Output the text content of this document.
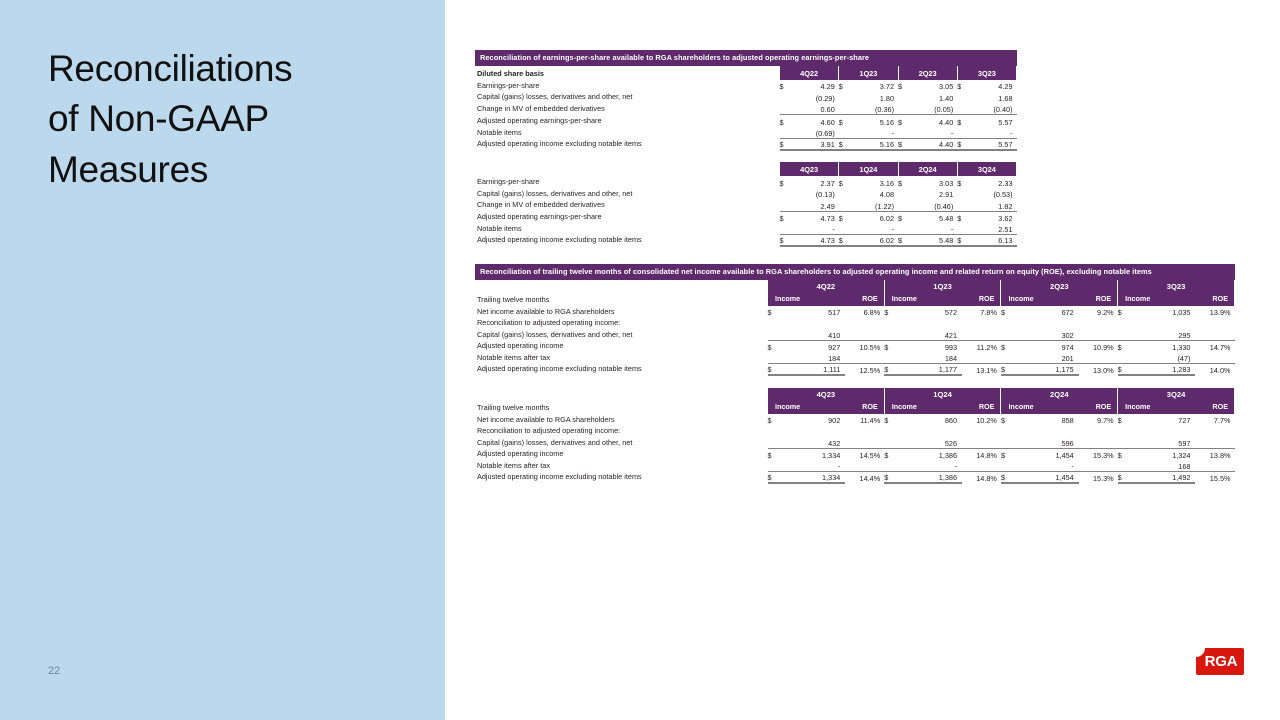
Reconciliations
of Non-GAAP
Measures
22
RGA
Reconciliation of earnings-per-share available to RGA shareholders to adjusted operating earnings-per-share
Diluted share basis	4Q22		1Q23		2Q23		3Q23	
Earnings-per-share	$	4.29	$	3.72	$	3.05	$	4.29
Capital (gains) losses, derivatives and other, net		(0.29)		1.80		1.40		1.68
Change in MV of embedded derivatives		0.60		(0.36)		(0.05)		(0.40)
Adjusted operating earnings-per-share	$	4.60	$	5.16	$	4.40	$	5.57
Notable items		(0.69)		-		-		-
Adjusted operating income excluding notable items	$	3.91	$	5.16	$	4.40	$	5.57
	4Q23		1Q24		2Q24		3Q24	
Earnings-per-share	$	2.37	$	3.16	$	3.03	$	2.33
Capital (gains) losses, derivatives and other, net		(0.13)		4.08		2.91		(0.53)
Change in MV of embedded derivatives		2.49		(1.22)		(0.46)		1.82
Adjusted operating earnings-per-share	$	4.73	$	6.02	$	5.48	$	3.62
Notable items		-		-		-		2.51
Adjusted operating income excluding notable items	$	4.73	$	6.02	$	5.48	$	6.13
Reconciliation of trailing twelve months of consolidated net income available to RGA shareholders to adjusted operating income and related return on equity (ROE), excluding notable items
	4Q22			1Q23			2Q23			3Q23		
Trailing twelve months	Income		ROE	Income		ROE	Income		ROE	Income		ROE
Net income available to RGA shareholders	$	517	6.8%	$	572	7.8%	$	672	9.2%	$	1,035	13.9%
Reconciliation to adjusted operating income:												
Capital (gains) losses, derivatives and other, net		410			421			302			295	
Adjusted operating income	$	927	10.5%	$	993	11.2%	$	974	10.9%	$	1,330	14.7%
Notable items after tax		184			184			201			(47)	
Adjusted operating income excluding notable items	$	1,111	12.5%	$	1,177	13.1%	$	1,175	13.0%	$	1,283	14.0%
	4Q23			1Q24			2Q24			3Q24		
Trailing twelve months	Income		ROE	Income		ROE	Income		ROE	Income		ROE
Net income available to RGA shareholders	$	902	11.4%	$	860	10.2%	$	858	9.7%	$	727	7.7%
Reconciliation to adjusted operating income:												
Capital (gains) losses, derivatives and other, net		432			526			596			597	
Adjusted operating income	$	1,334	14.5%	$	1,386	14.8%	$	1,454	15.3%	$	1,324	13.8%
Notable items after tax		-			-			-			168	
Adjusted operating income excluding notable items	$	1,334	14.4%	$	1,386	14.8%	$	1,454	15.3%	$	1,492	15.5%
